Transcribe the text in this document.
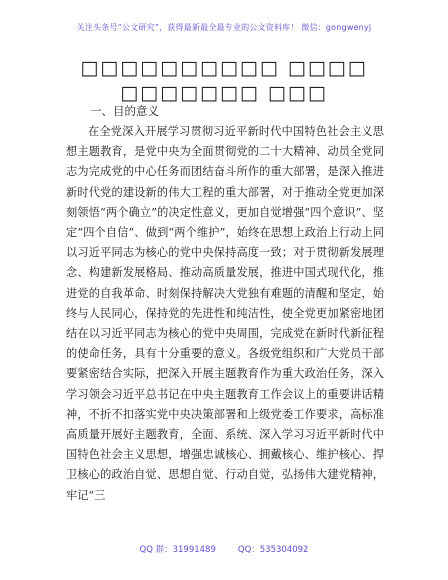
关注头条号“公文研究”，获得最新最全最专业的公文资料库！ 微信：gongwenyj
□□□□□□□□□□ □□□□ □□□□□□□ □□□
一、目的意义

在全党深入开展学习贯彻习近平新时代中国特色社会主义思想主题教育，是党中央为全面贯彻党的二十大精神、动员全党同志为完成党的中心任务而团结奋斗所作的重大部署，是深入推进新时代党的建设新的伟大工程的重大部署，对于推动全党更加深刻领悟“两个确立”的决定性意义，更加自觉增强“四个意识”、坚定“四个自信”、做到“两个维护”，始终在思想上政治上行动上同以习近平同志为核心的党中央保持高度一致；对于贯彻新发展理念、构建新发展格局、推动高质量发展，推进中国式现代化，推进党的自我革命、时刻保持解决大党独有难题的清醒和坚定，始终与人民同心，保持党的先进性和纯洁性，使全党更加紧密地团结在以习近平同志为核心的党中央周围，完成党在新时代新征程的使命任务，具有十分重要的意义。各级党组织和广大党员干部要紧密结合实际，把深入开展主题教育作为重大政治任务，深入学习领会习近平总书记在中央主题教育工作会议上的重要讲话精神，不折不扣落实党中央决策部署和上级党委工作要求，高标准高质量开展好主题教育，全面、系统、深入学习习近平新时代中国特色社会主义思想，增强忠诚核心、拥戴核心、维护核心、捍卫核心的政治自觉、思想自觉、行动自觉，弘扬伟大建党精神，牢记“三

QQ 群：31991489	QQ：535304092
